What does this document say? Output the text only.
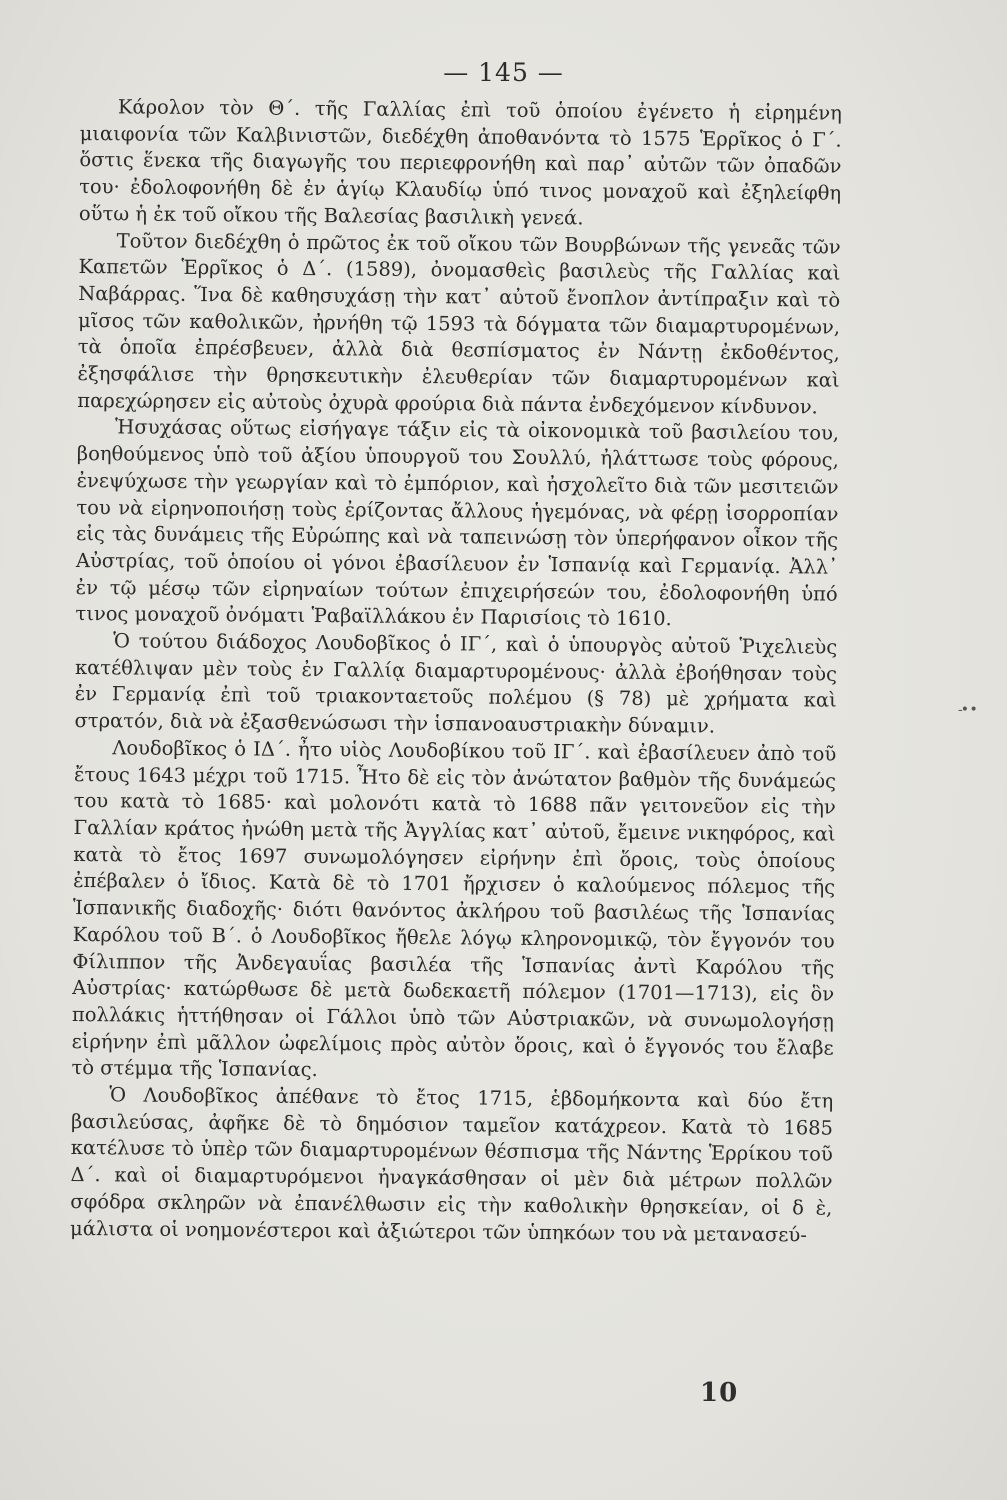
— 145 —

Κάρολον τὸν Θ΄. τῆς Γαλλίας ἐπὶ τοῦ ὁποίου ἐγένετο ἡ εἰρημένη μιαιφονία τῶν Καλβινιστῶν, διεδέχθη ἀποθανόντα τὸ 1575 Ἑρρῖκος ὁ Γ΄. ὅστις ἕνεκα τῆς διαγωγῆς του περιεφρονήθη καὶ παρ᾽ αὐτῶν τῶν ὀπαδῶν του· ἐδολοφονήθη δὲ ἐν ἁγίῳ Κλαυδίῳ ὑπό τινος μοναχοῦ καὶ ἐξηλείφθη οὕτω ἡ ἐκ τοῦ οἴκου τῆς Βαλεσίας βασιλικὴ γενεά.

Τοῦτον διεδέχθη ὁ πρῶτος ἐκ τοῦ οἴκου τῶν Βουρβώνων τῆς γενεᾶς τῶν Καπετῶν Ἑρρῖκος ὁ Δ΄. (1589), ὀνομασθεὶς βασιλεὺς τῆς Γαλλίας καὶ Ναβάρρας. Ἵνα δὲ καθησυχάσῃ τὴν κατ᾽ αὐτοῦ ἔνοπλον ἀντίπραξιν καὶ τὸ μῖσος τῶν καθολικῶν, ἠρνήθη τῷ 1593 τὰ δόγματα τῶν διαμαρτυρομένων, τὰ ὁποῖα ἐπρέσβευεν, ἀλλὰ διὰ θεσπίσματος ἐν Νάντῃ ἐκδοθέντος, ἐξησφάλισε τὴν θρησκευτικὴν ἐλευθερίαν τῶν διαμαρτυρομένων καὶ παρεχώρησεν εἰς αὐτοὺς ὀχυρὰ φρούρια διὰ πάντα ἐνδεχόμενον κίνδυνον.

Ἡσυχάσας οὕτως εἰσήγαγε τάξιν εἰς τὰ οἰκονομικὰ τοῦ βασιλείου του, βοηθούμενος ὑπὸ τοῦ ἀξίου ὑπουργοῦ του Σουλλύ, ἠλάττωσε τοὺς φόρους, ἐνεψύχωσε τὴν γεωργίαν καὶ τὸ ἐμπόριον, καὶ ἠσχολεῖτο διὰ τῶν μεσιτειῶν του νὰ εἰρηνοποιήσῃ τοὺς ἐρίζοντας ἄλλους ἡγεμόνας, νὰ φέρῃ ἰσορροπίαν εἰς τὰς δυνάμεις τῆς Εὐρώπης καὶ νὰ ταπεινώσῃ τὸν ὑπερήφανον οἶκον τῆς Αὐστρίας, τοῦ ὁποίου οἱ γόνοι ἐβασίλευον ἐν Ἱσπανίᾳ καὶ Γερμανίᾳ. Ἀλλ᾽ ἐν τῷ μέσῳ τῶν εἰρηναίων τούτων ἐπιχειρήσεών του, ἐδολοφονήθη ὑπό τινος μοναχοῦ ὀνόματι Ῥαβαϊλλάκου ἐν Παρισίοις τὸ 1610.

Ὁ τούτου διάδοχος Λουδοβῖκος ὁ ΙΓ΄, καὶ ὁ ὑπουργὸς αὐτοῦ Ῥιχελιεὺς κατέθλιψαν μὲν τοὺς ἐν Γαλλίᾳ διαμαρτυρομένους· ἀλλὰ ἐβοήθησαν τοὺς ἐν Γερμανίᾳ ἐπὶ τοῦ τριακονταετοῦς πολέμου (§ 78) μὲ χρήματα καὶ στρατόν, διὰ νὰ ἐξασθενώσωσι τὴν ἱσπανοαυστριακὴν δύναμιν.

Λουδοβῖκος ὁ ΙΔ΄. ἦτο υἱὸς Λουδοβίκου τοῦ ΙΓ΄. καὶ ἐβασίλευεν ἀπὸ τοῦ ἔτους 1643 μέχρι τοῦ 1715. Ἦτο δὲ εἰς τὸν ἀνώτατον βαθμὸν τῆς δυνάμεώς του κατὰ τὸ 1685· καὶ μολονότι κατὰ τὸ 1688 πᾶν γειτονεῦον εἰς τὴν Γαλλίαν κράτος ἠνώθη μετὰ τῆς Ἀγγλίας κατ᾽ αὐτοῦ, ἔμεινε νικηφόρος, καὶ κατὰ τὸ ἔτος 1697 συνωμολόγησεν εἰρήνην ἐπὶ ὅροις, τοὺς ὁποίους ἐπέβαλεν ὁ ἴδιος. Κατὰ δὲ τὸ 1701 ἤρχισεν ὁ καλούμενος πόλεμος τῆς Ἱσπανικῆς διαδοχῆς· διότι θανόντος ἀκλήρου τοῦ βασιλέως τῆς Ἱσπανίας Καρόλου τοῦ Β΄. ὁ Λουδοβῖκος ἤθελε λόγῳ κληρονομικῷ, τὸν ἔγγονόν του Φίλιππον τῆς Ἀνδεγαυΐας βασιλέα τῆς Ἱσπανίας ἀντὶ Καρόλου τῆς Αὐστρίας· κατώρθωσε δὲ μετὰ δωδεκαετῆ πόλεμον (1701—1713), εἰς ὃν πολλάκις ἡττήθησαν οἱ Γάλλοι ὑπὸ τῶν Αὐστριακῶν, νὰ συνωμολογήσῃ εἰρήνην ἐπὶ μᾶλλον ὠφελίμοις πρὸς αὐτὸν ὅροις, καὶ ὁ ἔγγονός του ἔλαβε τὸ στέμμα τῆς Ἱσπανίας.

Ὁ Λουδοβῖκος ἀπέθανε τὸ ἔτος 1715, ἑβδομήκοντα καὶ δύο ἔτη βασιλεύσας, ἀφῆκε δὲ τὸ δημόσιον ταμεῖον κατάχρεον. Κατὰ τὸ 1685 κατέλυσε τὸ ὑπὲρ τῶν διαμαρτυρομένων θέσπισμα τῆς Νάντης Ἑρρίκου τοῦ Δ΄. καὶ οἱ διαμαρτυρόμενοι ἠναγκάσθησαν οἱ μὲν διὰ μέτρων πολλῶν σφόδρα σκληρῶν νὰ ἐπανέλθωσιν εἰς τὴν καθολικὴν θρησκείαν, οἱ δ ὲ, μάλιστα οἱ νοημονέστεροι καὶ ἀξιώτεροι τῶν ὑπηκόων του νὰ μετανασεύ-

-• •
10
